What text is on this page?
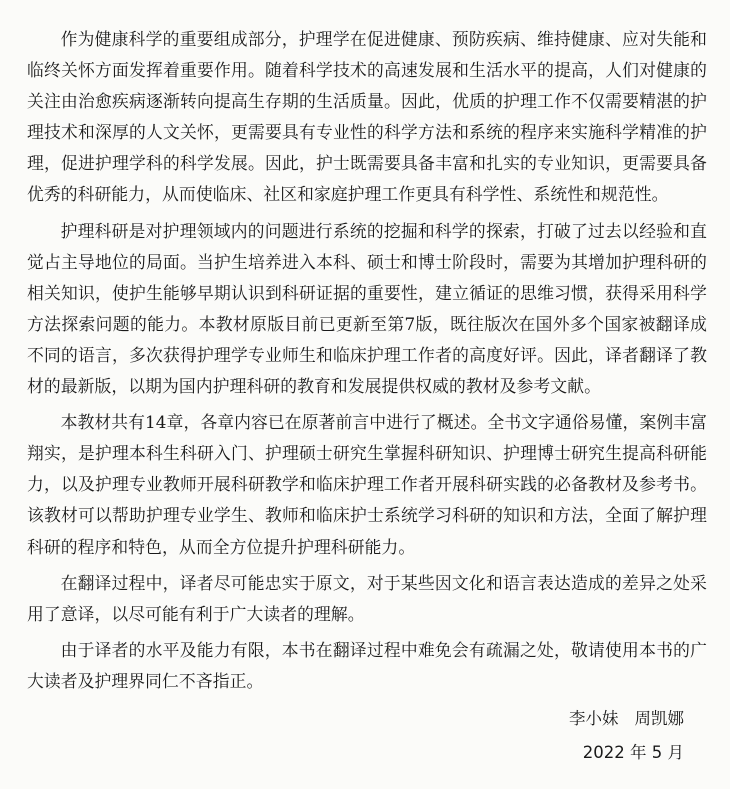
作为健康科学的重要组成部分，护理学在促进健康、预防疾病、维持健康、应对失能和临终关怀方面发挥着重要作用。随着科学技术的高速发展和生活水平的提高，人们对健康的关注由治愈疾病逐渐转向提高生存期的生活质量。因此，优质的护理工作不仅需要精湛的护理技术和深厚的人文关怀，更需要具有专业性的科学方法和系统的程序来实施科学精准的护理，促进护理学科的科学发展。因此，护士既需要具备丰富和扎实的专业知识，更需要具备优秀的科研能力，从而使临床、社区和家庭护理工作更具有科学性、系统性和规范性。

护理科研是对护理领域内的问题进行系统的挖掘和科学的探索，打破了过去以经验和直觉占主导地位的局面。当护生培养进入本科、硕士和博士阶段时，需要为其增加护理科研的相关知识，使护生能够早期认识到科研证据的重要性，建立循证的思维习惯，获得采用科学方法探索问题的能力。本教材原版目前已更新至第7版，既往版次在国外多个国家被翻译成不同的语言，多次获得护理学专业师生和临床护理工作者的高度好评。因此，译者翻译了教材的最新版，以期为国内护理科研的教育和发展提供权威的教材及参考文献。

本教材共有14章，各章内容已在原著前言中进行了概述。全书文字通俗易懂，案例丰富翔实，是护理本科生科研入门、护理硕士研究生掌握科研知识、护理博士研究生提高科研能力，以及护理专业教师开展科研教学和临床护理工作者开展科研实践的必备教材及参考书。该教材可以帮助护理专业学生、教师和临床护士系统学习科研的知识和方法，全面了解护理科研的程序和特色，从而全方位提升护理科研能力。

在翻译过程中，译者尽可能忠实于原文，对于某些因文化和语言表达造成的差异之处采用了意译，以尽可能有利于广大读者的理解。

由于译者的水平及能力有限，本书在翻译过程中难免会有疏漏之处，敬请使用本书的广大读者及护理界同仁不吝指正。

李小妹 周凯娜
2022 年 5 月
